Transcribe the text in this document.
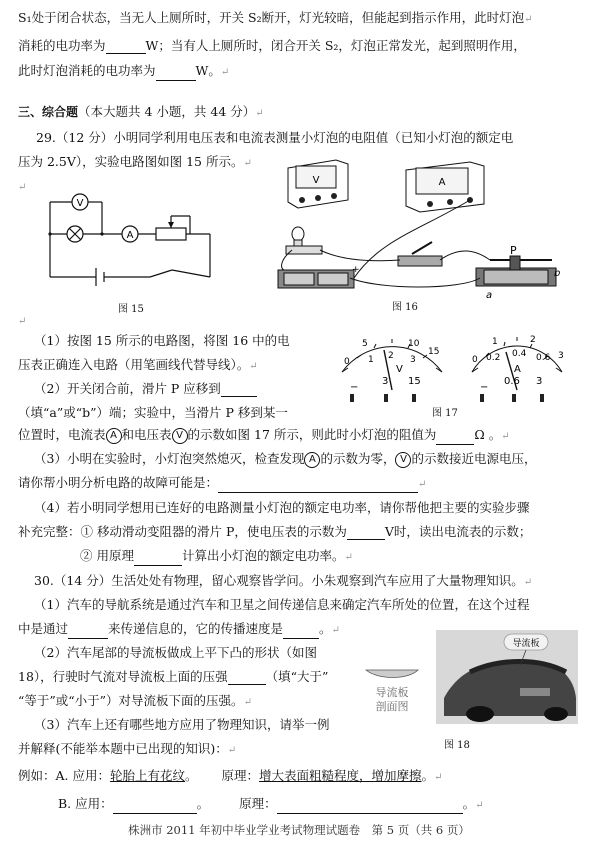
S₁处于闭合状态，当无人上厕所时，开关 S₂断开，灯光较暗，但能起到指示作用，此时灯泡↵
消耗的电功率为	W；当有人上厕所时，闭合开关 S₂，灯泡正常发光，起到照明作用，
此时灯泡消耗的电功率为	W。↵
三、综合题（本大题共 4 小题，共 44 分）↵
29.（12 分）小明同学利用电压表和电流表测量小灯泡的电阻值（已知小灯泡的额定电
压为 2.5V），实验电路图如图 15 所示。↵
↵
V
A
图 15
V	A
+
P
a
b
图 16
↵
（1）按图 15 所示的电路图，将图 16 中的电
压表正确连入电路（用笔画线代替导线）。↵
（2）开关闭合前，滑片 P 应移到
（填“a”或“b”）端；实验中，当滑片 P 移到某一
5	10
0 1 2 3
15
V
−
3 15
1	2
0 0.2 0.4 0.6 3
A
−
0.6 3
图 17
位置时，电流表 A 和电压表 V 的示数如图 17 所示，则此时小灯泡的阻值为	Ω 。↵
（3）小明在实验时，小灯泡突然熄灭，检查发现 A 的示数为零， V 的示数接近电源电压，
请你帮小明分析电路的故障可能是：	↵
（4）若小明同学想用已连好的电路测量小灯泡的额定电功率，请你帮他把主要的实验步骤
补充完整：① 移动滑动变阻器的滑片 P，使电压表的示数为	V时，读出电流表的示数；
② 用原理	计算出小灯泡的额定电功率。↵
30.（14 分）生活处处有物理，留心观察皆学问。小朱观察到汽车应用了大量物理知识。↵
（1）汽车的导航系统是通过汽车和卫星之间传递信息来确定汽车所处的位置，在这个过程
中是通过	来传递信息的，它的传播速度是	。↵
（2）汽车尾部的导流板做成上平下凸的形状（如图
18），行驶时气流对导流板上面的压强	（填“大于”
“等于”或“小于”）对导流板下面的压强。↵
（3）汽车上还有哪些地方应用了物理知识，请举一例
并解释(不能举本题中已出现的知识)：↵
导流板
剖面图
导流板
图 18
例如：A. 应用：轮胎上有花纹。 原理：增大表面粗糙程度，增加摩擦。↵
B. 应用：	。 原理：	。↵
株洲市 2011 年初中毕业学业考试物理试题卷　第 5 页（共 6 页）
